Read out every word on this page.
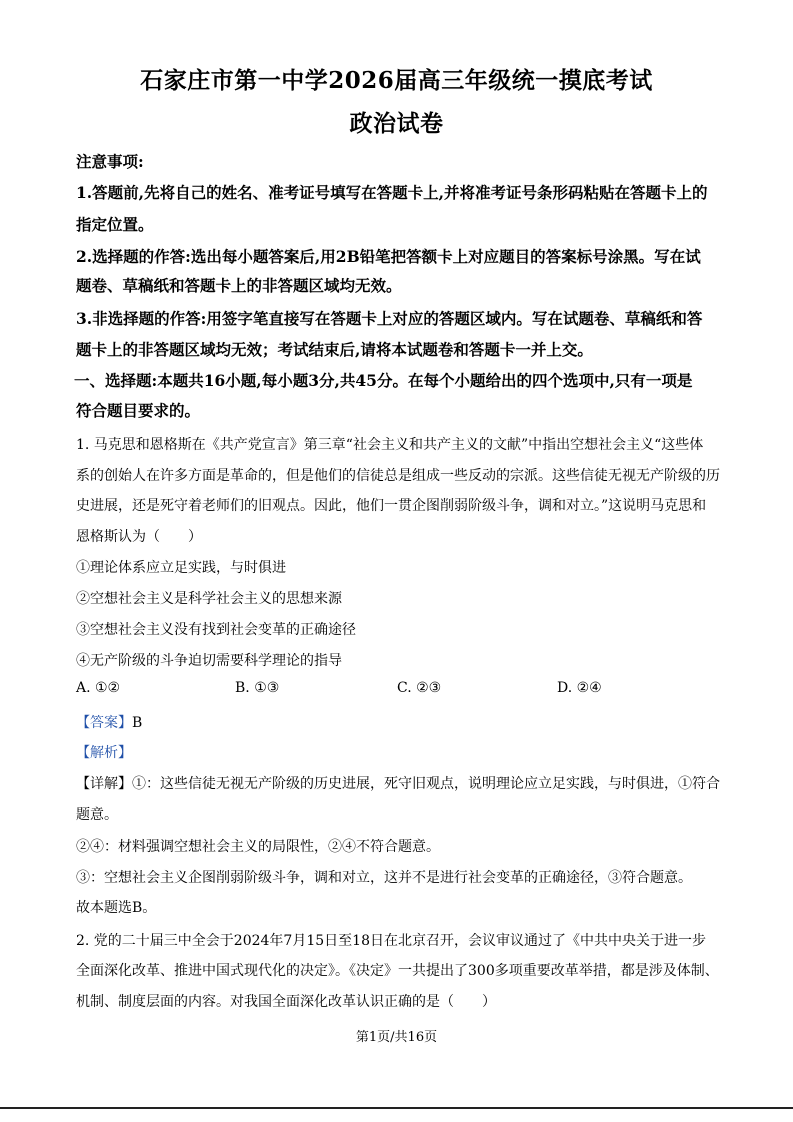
石家庄市第一中学2026届高三年级统一摸底考试
政治试卷
注意事项:
1.答题前,先将自己的姓名、准考证号填写在答题卡上,并将准考证号条形码粘贴在答题卡上的
指定位置。
2.选择题的作答:选出每小题答案后,用2B铅笔把答额卡上对应题目的答案标号涂黑。写在试
题卷、草稿纸和答题卡上的非答题区域均无效。
3.非选择题的作答:用签字笔直接写在答题卡上对应的答题区域内。写在试题卷、草稿纸和答
题卡上的非答题区域均无效；考试结束后,请将本试题卷和答题卡一并上交。
一、选择题:本题共16小题,每小题3分,共45分。在每个小题给出的四个选项中,只有一项是
符合题目要求的。
1. 马克思和恩格斯在《共产党宣言》第三章“社会主义和共产主义的文献”中指出空想社会主义“这些体
系的创始人在许多方面是革命的，但是他们的信徒总是组成一些反动的宗派。这些信徒无视无产阶级的历
史进展，还是死守着老师们的旧观点。因此，他们一贯企图削弱阶级斗争，调和对立。”这说明马克思和
恩格斯认为（　　）
①理论体系应立足实践，与时俱进
②空想社会主义是科学社会主义的思想来源
③空想社会主义没有找到社会变革的正确途径
④无产阶级的斗争迫切需要科学理论的指导
A. ①②	B. ①③	C. ②③	D. ②④
【答案】B
【解析】
【详解】①：这些信徒无视无产阶级的历史进展，死守旧观点，说明理论应立足实践，与时俱进，①符合
题意。
②④：材料强调空想社会主义的局限性，②④不符合题意。
③：空想社会主义企图削弱阶级斗争，调和对立，这并不是进行社会变革的正确途径，③符合题意。
故本题选B。
2. 党的二十届三中全会于2024年7月15日至18日在北京召开，会议审议通过了《中共中央关于进一步
全面深化改革、推进中国式现代化的决定》。《决定》一共提出了300多项重要改革举措，都是涉及体制、
机制、制度层面的内容。对我国全面深化改革认识正确的是（　　）
第1页/共16页
